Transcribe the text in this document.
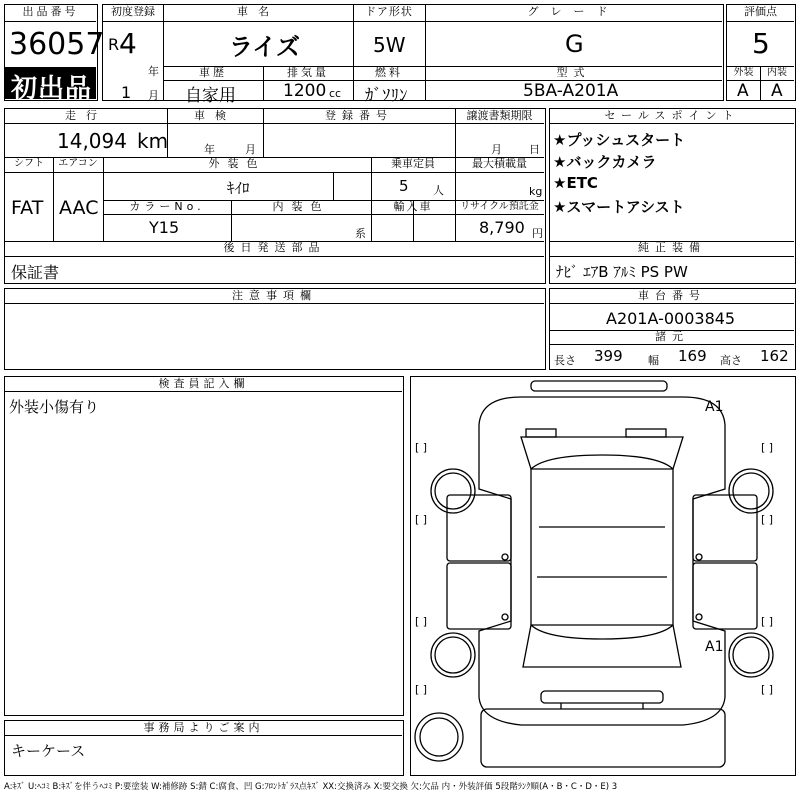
出品番号
36057
初出品
初度登録
R 4
年
1 月
車名
ライズ
ドア形状
5W
グレード
G
車歴
自家用
排気量
1200 cc
燃料
ｶﾞｿﾘﾝ
型式
5BA-A201A
評価点
5
外装	内装
A A
走行
14,094 km
車検
年	月
登録番号	譲渡書類期限
月 日
シフト
FAT
エアコン
AAC
外装色
ｷｲﾛ
乗車定員
5 人
最大積載量
kg
カラーNo.
Y15
内装色
系
輸入車	リサイクル預託金
8,790 円
後日発送部品
保証書
セールスポイント
★プッシュスタート
★バックカメラ
★ETC
★スマートアシスト
純正装備
ﾅﾋﾞ ｴｱB ｱﾙﾐ PS PW
注意事項欄	車台番号
A201A-0003845
諸元
長さ 399 幅 169 高さ 162
検査員記入欄
外装小傷有り
事務局よりご案内
キーケース
A1
A1
[ ]	[ ]
[ ]	[ ]
[ ]	[ ]
[ ]	[ ]
A:ｷｽﾞ U:ﾍｺﾐ B:ｷｽﾞを伴うﾍｺﾐ P:要塗装 W:補修跡 S:錆 C:腐食、凹 G:ﾌﾛﾝﾄｶﾞﾗｽ点ｷｽﾞ XX:交換済み X:要交換 欠:欠品 内・外装評価 5段階ﾗﾝｸ順(A・B・C・D・E) 3
